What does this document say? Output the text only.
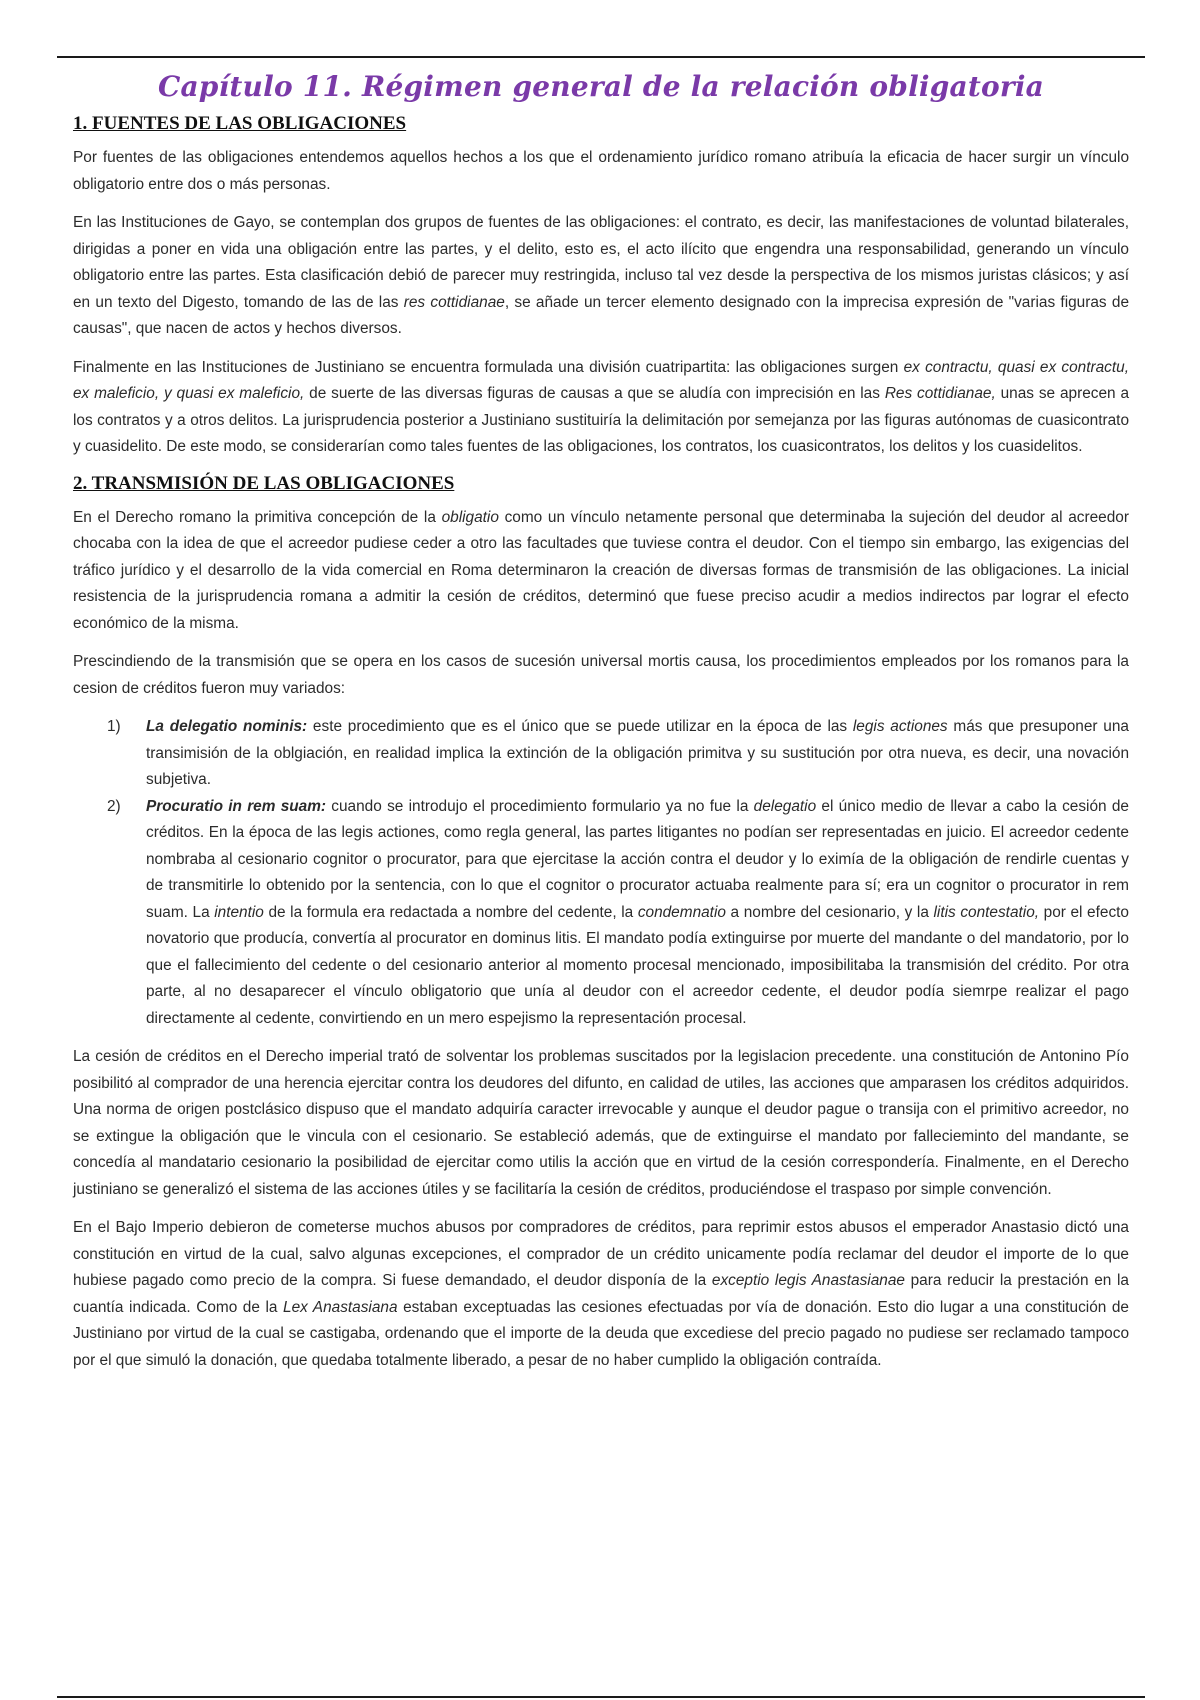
Capítulo 11. Régimen general de la relación obligatoria
1. FUENTES DE LAS OBLIGACIONES

Por fuentes de las obligaciones entendemos aquellos hechos a los que el ordenamiento jurídico romano atribuía la eficacia de hacer surgir un vínculo obligatorio entre dos o más personas.

En las Instituciones de Gayo, se contemplan dos grupos de fuentes de las obligaciones: el contrato, es decir, las manifestaciones de voluntad bilaterales, dirigidas a poner en vida una obligación entre las partes, y el delito, esto es, el acto ilícito que engendra una responsabilidad, generando un vínculo obligatorio entre las partes. Esta clasificación debió de parecer muy restringida, incluso tal vez desde la perspectiva de los mismos juristas clásicos; y así en un texto del Digesto, tomando de las de las res cottidianae, se añade un tercer elemento designado con la imprecisa expresión de "varias figuras de causas", que nacen de actos y hechos diversos.

Finalmente en las Instituciones de Justiniano se encuentra formulada una división cuatripartita: las obligaciones surgen ex contractu, quasi ex contractu, ex maleficio, y quasi ex maleficio, de suerte de las diversas figuras de causas a que se aludía con imprecisión en las Res cottidianae, unas se aprecen a los contratos y a otros delitos. La jurisprudencia posterior a Justiniano sustituiría la delimitación por semejanza por las figuras autónomas de cuasicontrato y cuasidelito. De este modo, se considerarían como tales fuentes de las obligaciones, los contratos, los cuasicontratos, los delitos y los cuasidelitos.

2. TRANSMISIÓN DE LAS OBLIGACIONES

En el Derecho romano la primitiva concepción de la obligatio como un vínculo netamente personal que determinaba la sujeción del deudor al acreedor chocaba con la idea de que el acreedor pudiese ceder a otro las facultades que tuviese contra el deudor. Con el tiempo sin embargo, las exigencias del tráfico jurídico y el desarrollo de la vida comercial en Roma determinaron la creación de diversas formas de transmisión de las obligaciones. La inicial resistencia de la jurisprudencia romana a admitir la cesión de créditos, determinó que fuese preciso acudir a medios indirectos par lograr el efecto económico de la misma.

Prescindiendo de la transmisión que se opera en los casos de sucesión universal mortis causa, los procedimientos empleados por los romanos para la cesion de créditos fueron muy variados:

1) La delegatio nominis: este procedimiento que es el único que se puede utilizar en la época de las legis actiones más que presuponer una transimisión de la oblgiación, en realidad implica la extinción de la obligación primitva y su sustitución por otra nueva, es decir, una novación subjetiva.
2) Procuratio in rem suam: cuando se introdujo el procedimiento formulario ya no fue la delegatio el único medio de llevar a cabo la cesión de créditos. En la época de las legis actiones, como regla general, las partes litigantes no podían ser representadas en juicio. El acreedor cedente nombraba al cesionario cognitor o procurator, para que ejercitase la acción contra el deudor y lo eximía de la obligación de rendirle cuentas y de transmitirle lo obtenido por la sentencia, con lo que el cognitor o procurator actuaba realmente para sí; era un cognitor o procurator in rem suam. La intentio de la formula era redactada a nombre del cedente, la condemnatio a nombre del cesionario, y la litis contestatio, por el efecto novatorio que producía, convertía al procurator en dominus litis. El mandato podía extinguirse por muerte del mandante o del mandatorio, por lo que el fallecimiento del cedente o del cesionario anterior al momento procesal mencionado, imposibilitaba la transmisión del crédito. Por otra parte, al no desaparecer el vínculo obligatorio que unía al deudor con el acreedor cedente, el deudor podía siemrpe realizar el pago directamente al cedente, convirtiendo en un mero espejismo la representación procesal.

La cesión de créditos en el Derecho imperial trató de solventar los problemas suscitados por la legislacion precedente. una constitución de Antonino Pío posibilitó al comprador de una herencia ejercitar contra los deudores del difunto, en calidad de utiles, las acciones que amparasen los créditos adquiridos. Una norma de origen postclásico dispuso que el mandato adquiría caracter irrevocable y aunque el deudor pague o transija con el primitivo acreedor, no se extingue la obligación que le vincula con el cesionario. Se estableció además, que de extinguirse el mandato por fallecieminto del mandante, se concedía al mandatario cesionario la posibilidad de ejercitar como utilis la acción que en virtud de la cesión correspondería. Finalmente, en el Derecho justiniano se generalizó el sistema de las acciones útiles y se facilitaría la cesión de créditos, produciéndose el traspaso por simple convención.

En el Bajo Imperio debieron de cometerse muchos abusos por compradores de créditos, para reprimir estos abusos el emperador Anastasio dictó una constitución en virtud de la cual, salvo algunas excepciones, el comprador de un crédito unicamente podía reclamar del deudor el importe de lo que hubiese pagado como precio de la compra. Si fuese demandado, el deudor disponía de la exceptio legis Anastasianae para reducir la prestación en la cuantía indicada. Como de la Lex Anastasiana estaban exceptuadas las cesiones efectuadas por vía de donación. Esto dio lugar a una constitución de Justiniano por virtud de la cual se castigaba, ordenando que el importe de la deuda que excediese del precio pagado no pudiese ser reclamado tampoco por el que simuló la donación, que quedaba totalmente liberado, a pesar de no haber cumplido la obligación contraída.
